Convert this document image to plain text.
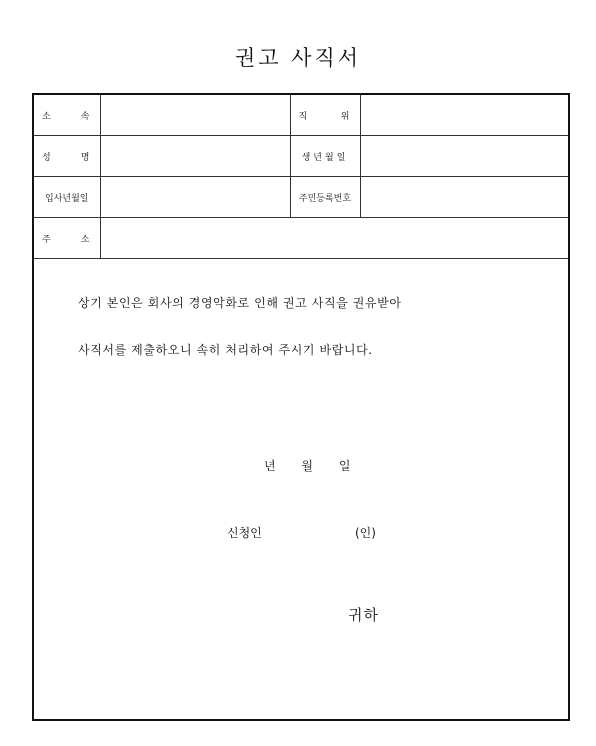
권고 사직서
소 속		직 위	

성 명		생년월일	

입사년월일		주민등록번호	

주 소			

상기 본인은 회사의 경영악화로 인해 권고 사직을 권유받아
사직서를 제출하오니 속히 처리하여 주시기 바랍니다.
년 월 일
신청인	(인)
귀하
